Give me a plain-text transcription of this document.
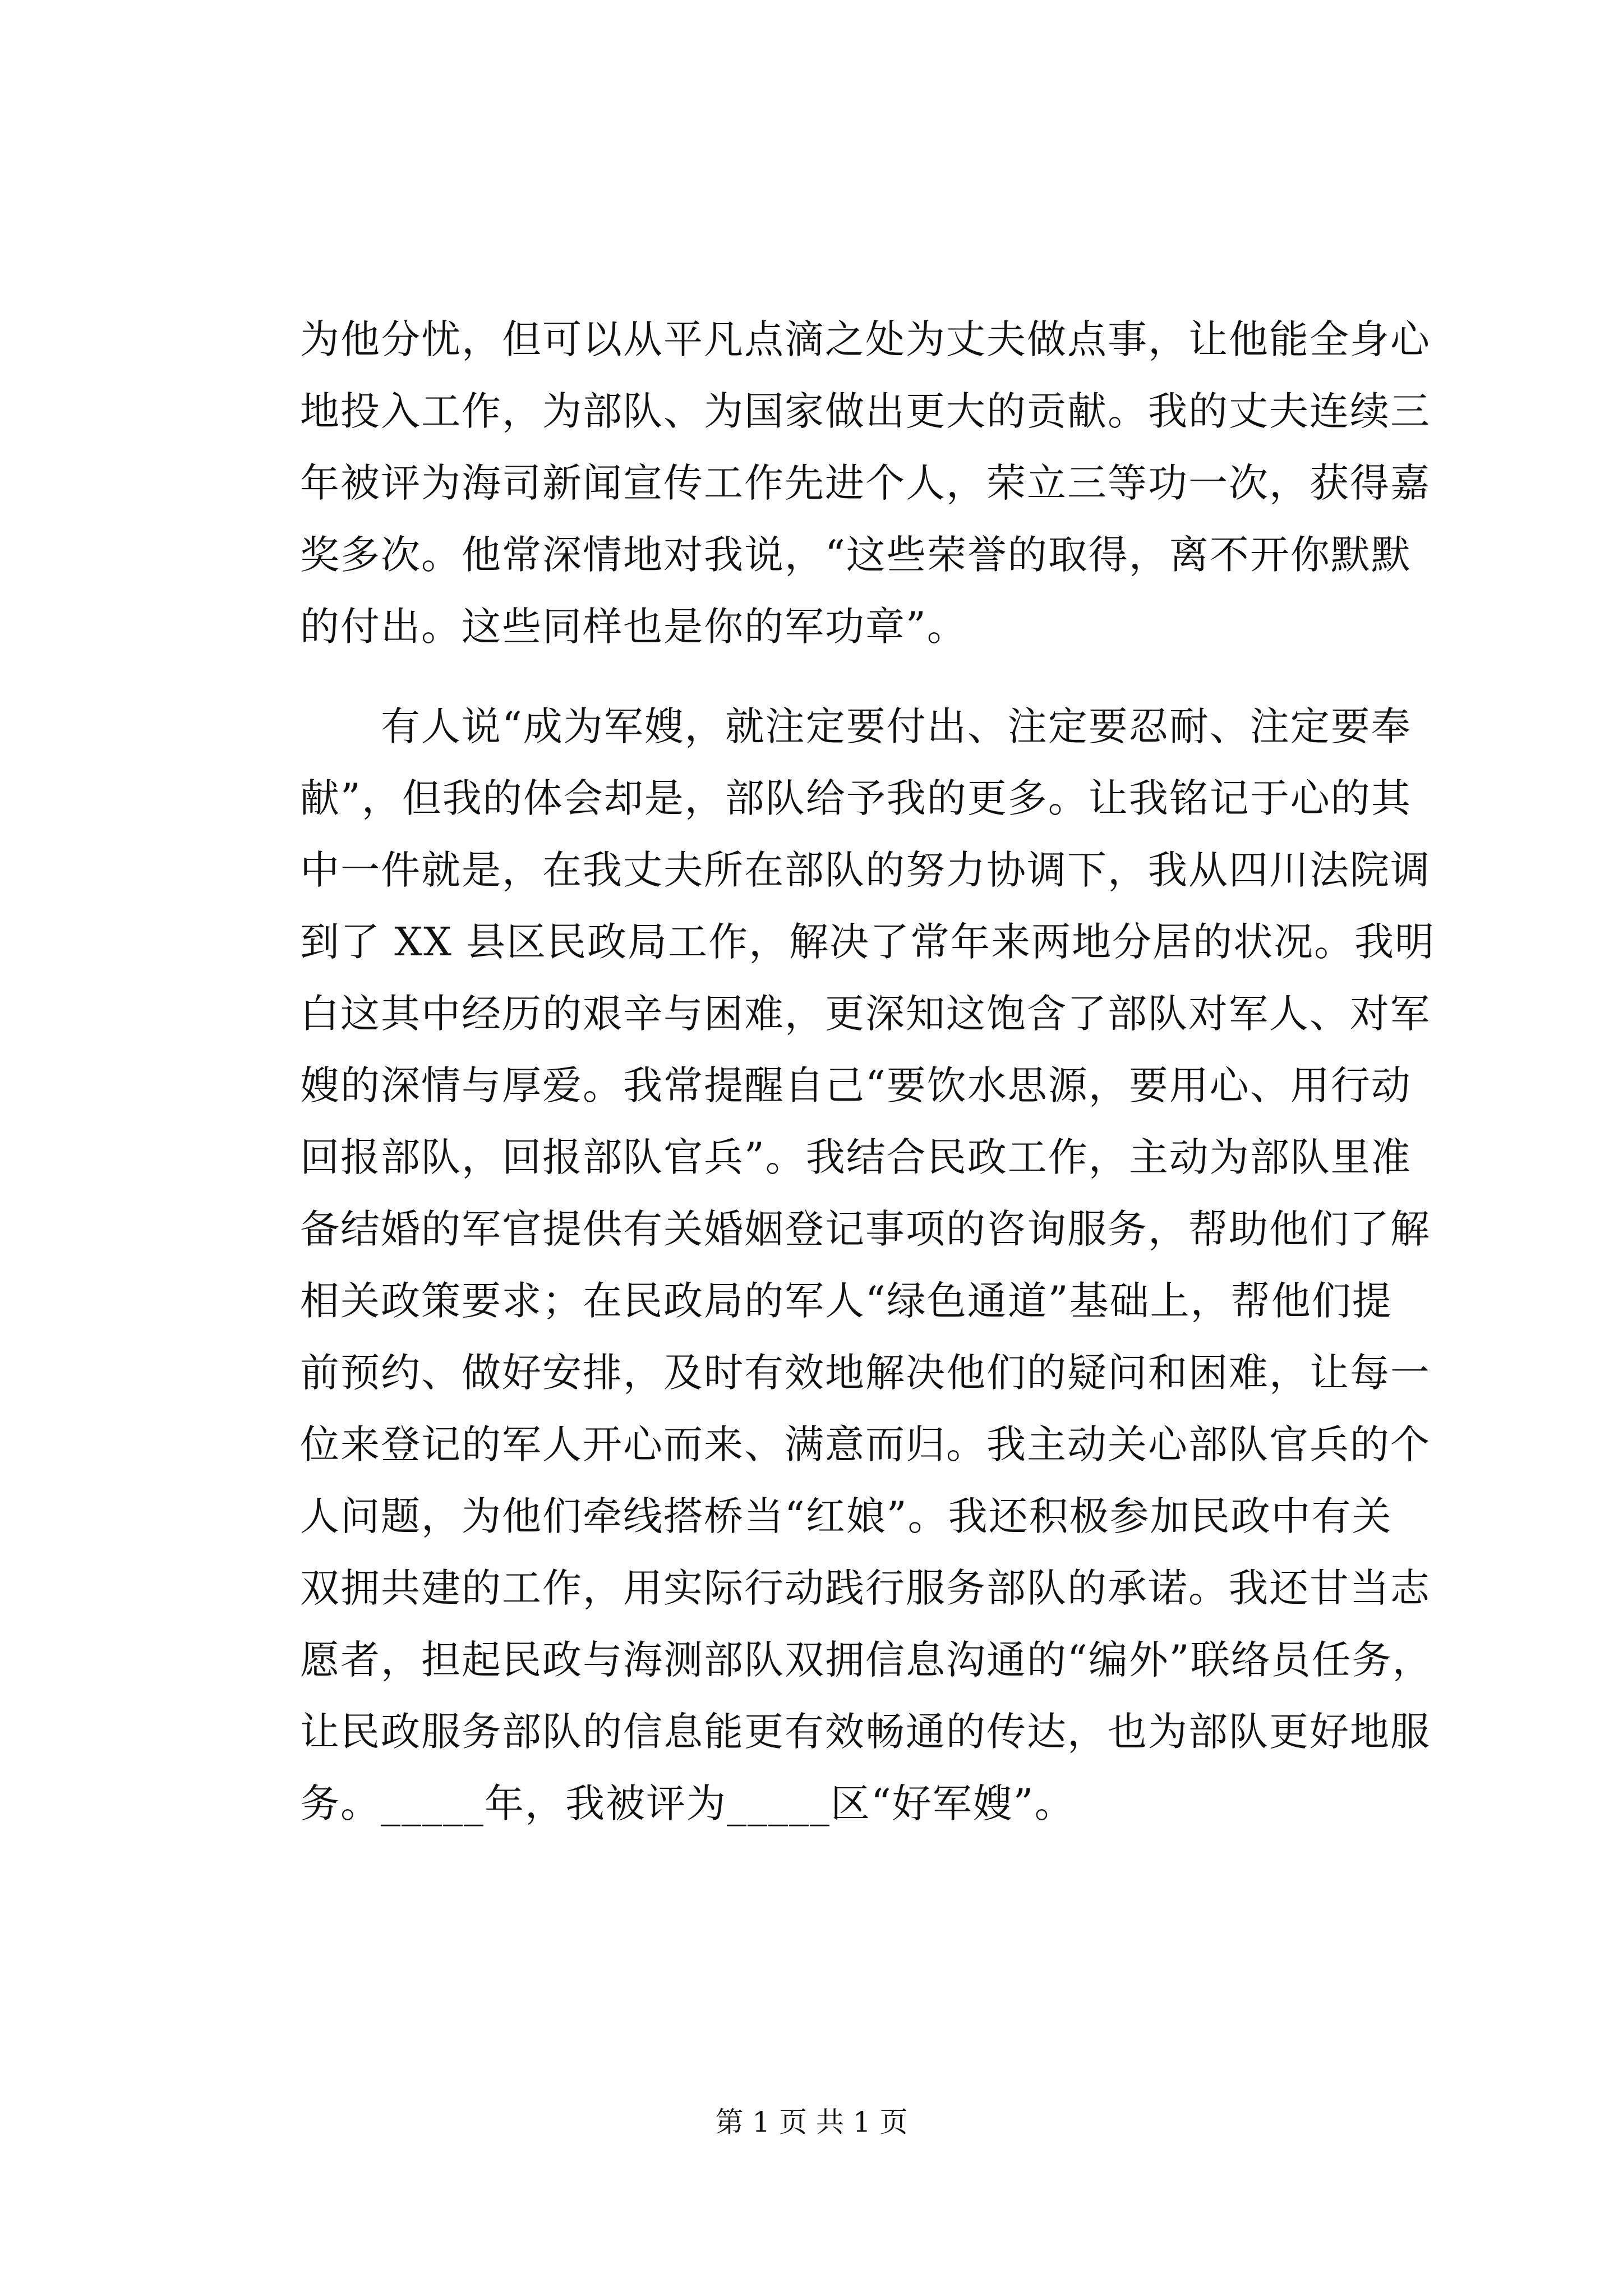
为他分忧，但可以从平凡点滴之处为丈夫做点事，让他能全身心
地投入工作，为部队、为国家做出更大的贡献。我的丈夫连续三
年被评为海司新闻宣传工作先进个人，荣立三等功一次，获得嘉
奖多次。他常深情地对我说，“这些荣誉的取得，离不开你默默
的付出。这些同样也是你的军功章”。
　　有人说“成为军嫂，就注定要付出、注定要忍耐、注定要奉
献”，但我的体会却是，部队给予我的更多。让我铭记于心的其
中一件就是，在我丈夫所在部队的努力协调下，我从四川法院调
到了 XX 县区民政局工作，解决了常年来两地分居的状况。我明
白这其中经历的艰辛与困难，更深知这饱含了部队对军人、对军
嫂的深情与厚爱。我常提醒自己“要饮水思源，要用心、用行动
回报部队，回报部队官兵”。我结合民政工作，主动为部队里准
备结婚的军官提供有关婚姻登记事项的咨询服务，帮助他们了解
相关政策要求；在民政局的军人“绿色通道”基础上，帮他们提
前预约、做好安排，及时有效地解决他们的疑问和困难，让每一
位来登记的军人开心而来、满意而归。我主动关心部队官兵的个
人问题，为他们牵线搭桥当“红娘”。我还积极参加民政中有关
双拥共建的工作，用实际行动践行服务部队的承诺。我还甘当志
愿者，担起民政与海测部队双拥信息沟通的“编外”联络员任务，
让民政服务部队的信息能更有效畅通的传达，也为部队更好地服
务。_____年，我被评为_____区“好军嫂”。
第 1 页 共 1 页
